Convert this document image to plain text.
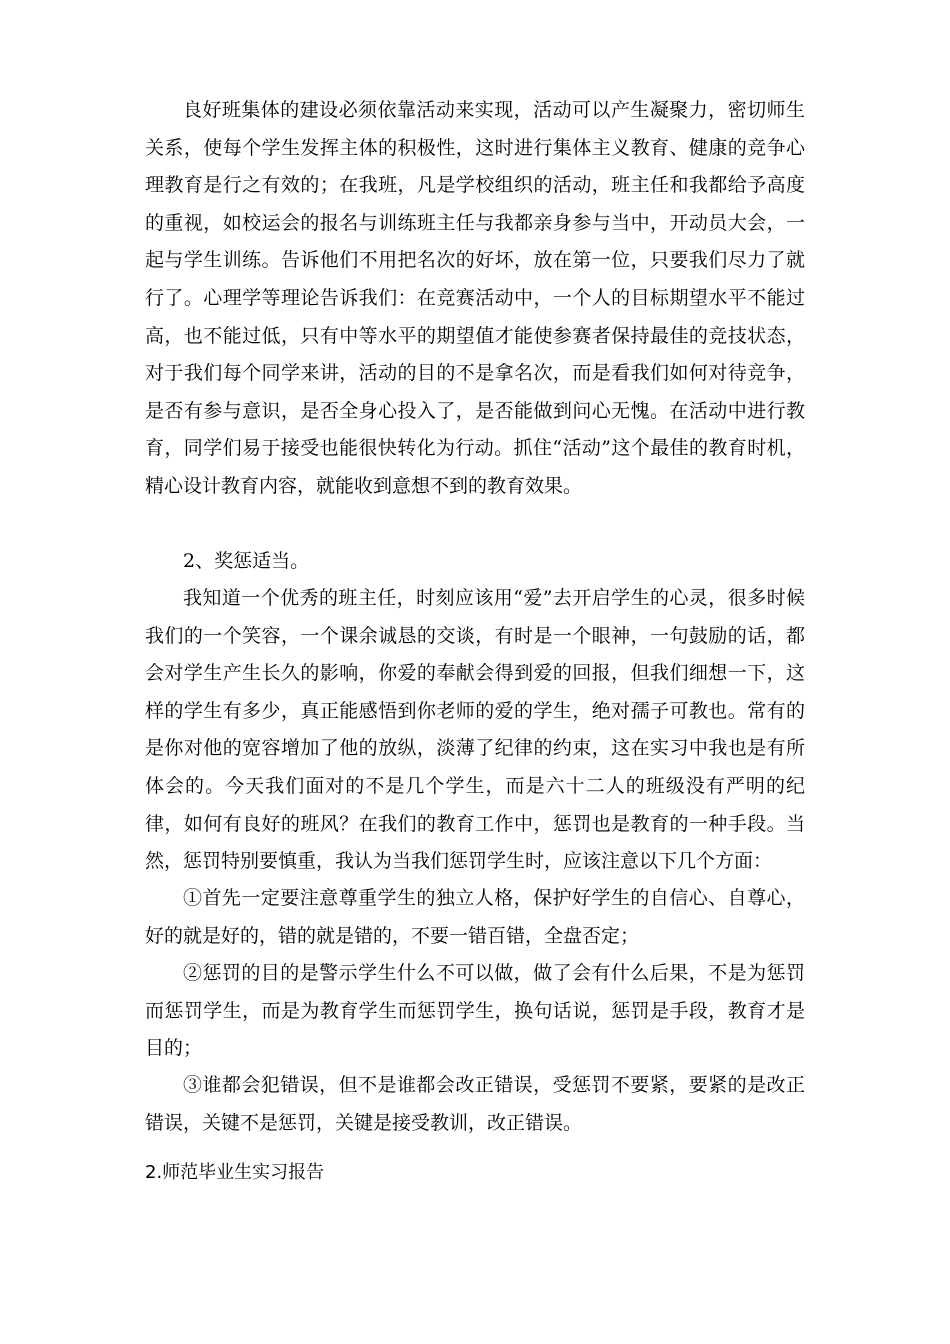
良好班集体的建设必须依靠活动来实现，活动可以产生凝聚力，密切师生关系，使每个学生发挥主体的积极性，这时进行集体主义教育、健康的竞争心理教育是行之有效的；在我班，凡是学校组织的活动，班主任和我都给予高度的重视，如校运会的报名与训练班主任与我都亲身参与当中，开动员大会，一起与学生训练。告诉他们不用把名次的好坏，放在第一位，只要我们尽力了就行了。心理学等理论告诉我们：在竞赛活动中，一个人的目标期望水平不能过高，也不能过低，只有中等水平的期望值才能使参赛者保持最佳的竞技状态，对于我们每个同学来讲，活动的目的不是拿名次，而是看我们如何对待竞争，是否有参与意识，是否全身心投入了，是否能做到问心无愧。在活动中进行教育，同学们易于接受也能很快转化为行动。抓住“活动”这个最佳的教育时机，精心设计教育内容，就能收到意想不到的教育效果。

2、奖惩适当。

我知道一个优秀的班主任，时刻应该用“爱”去开启学生的心灵，很多时候我们的一个笑容，一个课余诚恳的交谈，有时是一个眼神，一句鼓励的话，都会对学生产生长久的影响，你爱的奉献会得到爱的回报，但我们细想一下，这样的学生有多少，真正能感悟到你老师的爱的学生，绝对孺子可教也。常有的是你对他的宽容增加了他的放纵，淡薄了纪律的约束，这在实习中我也是有所体会的。今天我们面对的不是几个学生，而是六十二人的班级没有严明的纪律，如何有良好的班风？在我们的教育工作中，惩罚也是教育的一种手段。当然，惩罚特别要慎重，我认为当我们惩罚学生时，应该注意以下几个方面：

①首先一定要注意尊重学生的独立人格，保护好学生的自信心、自尊心，好的就是好的，错的就是错的，不要一错百错，全盘否定；

②惩罚的目的是警示学生什么不可以做，做了会有什么后果，不是为惩罚而惩罚学生，而是为教育学生而惩罚学生，换句话说，惩罚是手段，教育才是目的；

③谁都会犯错误，但不是谁都会改正错误，受惩罚不要紧，要紧的是改正错误，关键不是惩罚，关键是接受教训，改正错误。

2.师范毕业生实习报告
